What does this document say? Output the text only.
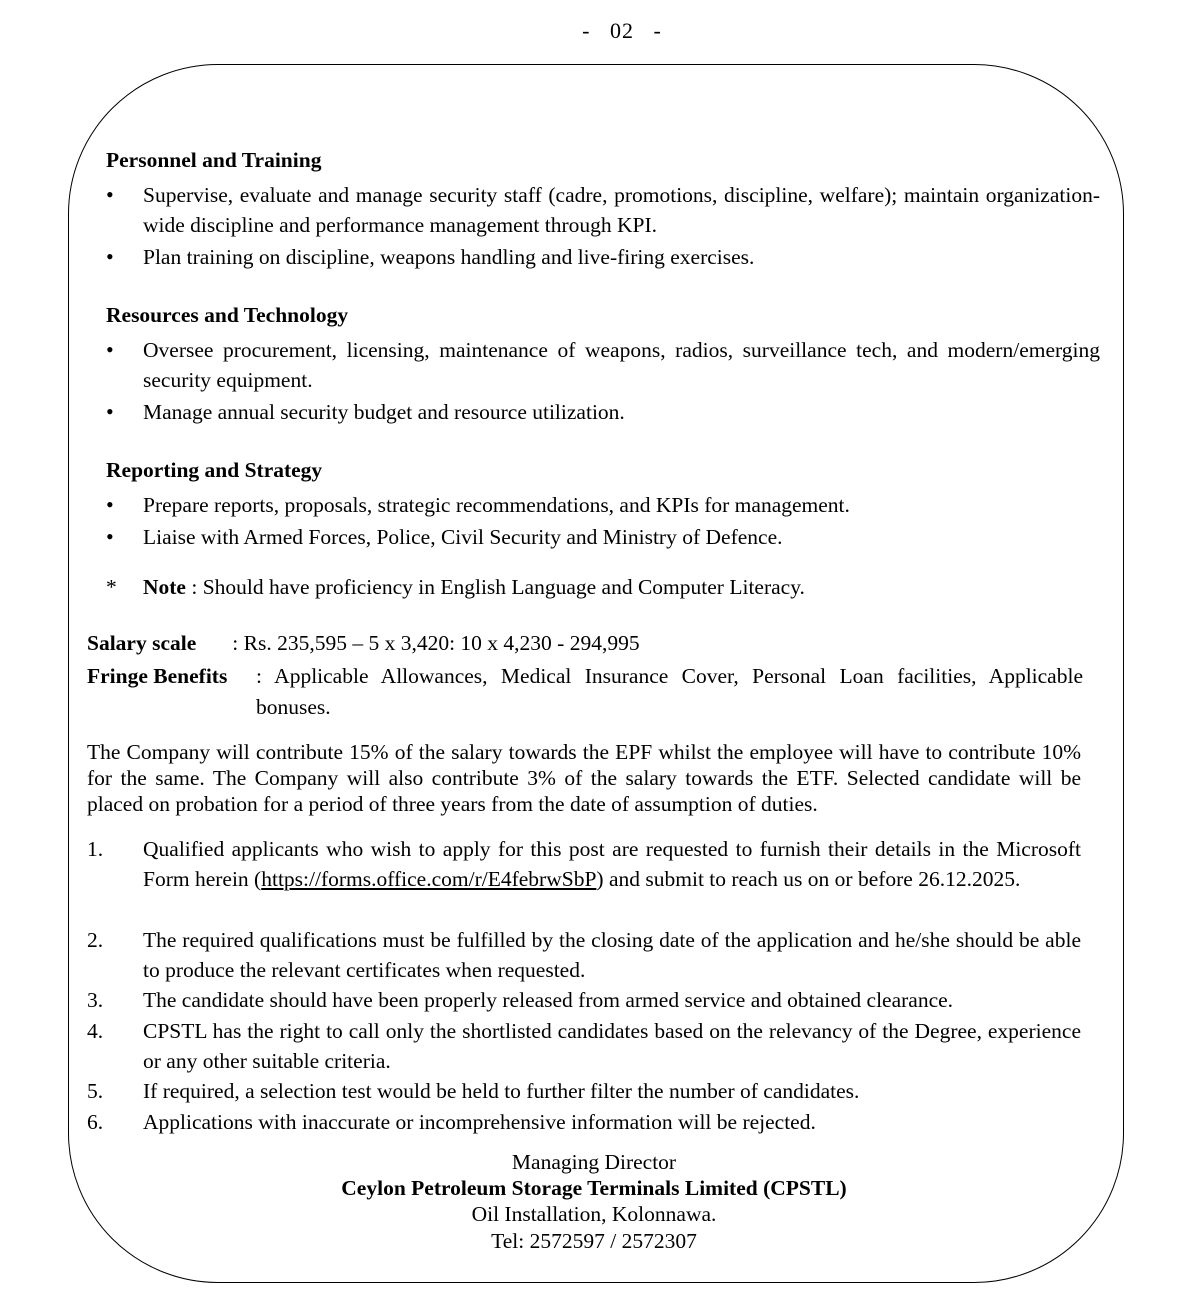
-   02   -
Personnel and Training
• Supervise, evaluate and manage security staff (cadre, promotions, discipline, welfare); maintain organization-wide discipline and performance management through KPI.
• Plan training on discipline, weapons handling and live-firing exercises.
Resources and Technology
• Oversee procurement, licensing, maintenance of weapons, radios, surveillance tech, and modern/emerging security equipment.
• Manage annual security budget and resource utilization.
Reporting and Strategy
• Prepare reports, proposals, strategic recommendations, and KPIs for management.
• Liaise with Armed Forces, Police, Civil Security and Ministry of Defence.
* Note : Should have proficiency in English Language and Computer Literacy.
Salary scale : Rs. 235,595 – 5 x 3,420: 10 x 4,230 - 294,995
Fringe Benefits : Applicable Allowances, Medical Insurance Cover, Personal Loan facilities, Applicable bonuses.
The Company will contribute 15% of the salary towards the EPF whilst the employee will have to contribute 10% for the same. The Company will also contribute 3% of the salary towards the ETF. Selected candidate will be placed on probation for a period of three years from the date of assumption of duties.
1. Qualified applicants who wish to apply for this post are requested to furnish their details in the Microsoft Form herein (https://forms.office.com/r/E4febrwSbP) and submit to reach us on or before 26.12.2025.
2. The required qualifications must be fulfilled by the closing date of the application and he/she should be able to produce the relevant certificates when requested.
3. The candidate should have been properly released from armed service and obtained clearance.
4. CPSTL has the right to call only the shortlisted candidates based on the relevancy of the Degree, experience or any other suitable criteria.
5. If required, a selection test would be held to further filter the number of candidates.
6. Applications with inaccurate or incomprehensive information will be rejected.
Managing Director
Ceylon Petroleum Storage Terminals Limited (CPSTL)
Oil Installation, Kolonnawa.
Tel: 2572597 / 2572307
